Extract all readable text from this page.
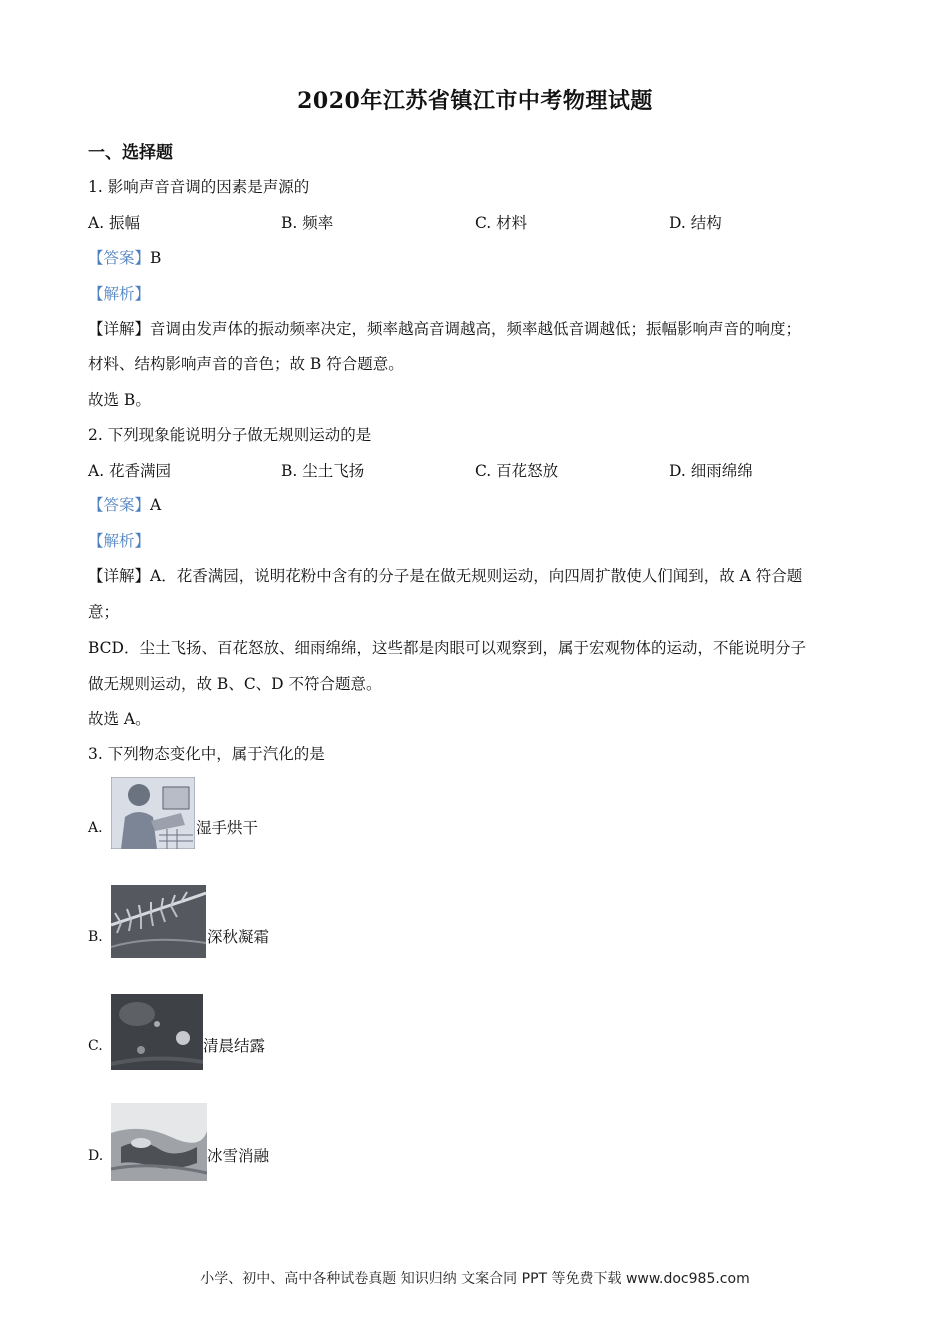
2020年江苏省镇江市中考物理试题
一、选择题
1. 影响声音音调的因素是声源的
A. 振幅	B. 频率	C. 材料	D. 结构
【答案】B
【解析】
【详解】音调由发声体的振动频率决定，频率越高音调越高，频率越低音调越低；振幅影响声音的响度；
材料、结构影响声音的音色；故 B 符合题意。
故选 B。
2. 下列现象能说明分子做无规则运动的是
A. 花香满园	B. 尘土飞扬	C. 百花怒放	D. 细雨绵绵
【答案】A
【解析】
【详解】A．花香满园，说明花粉中含有的分子是在做无规则运动，向四周扩散使人们闻到，故 A 符合题
意；
BCD．尘土飞扬、百花怒放、细雨绵绵，这些都是肉眼可以观察到，属于宏观物体的运动，不能说明分子
做无规则运动，故 B、C、D 不符合题意。
故选 A。
3. 下列物态变化中，属于汽化的是
A.	湿手烘干
B.	深秋凝霜
C.	清晨结露
D.	冰雪消融
小学、初中、高中各种试卷真题 知识归纳 文案合同 PPT 等免费下载 www.doc985.com
